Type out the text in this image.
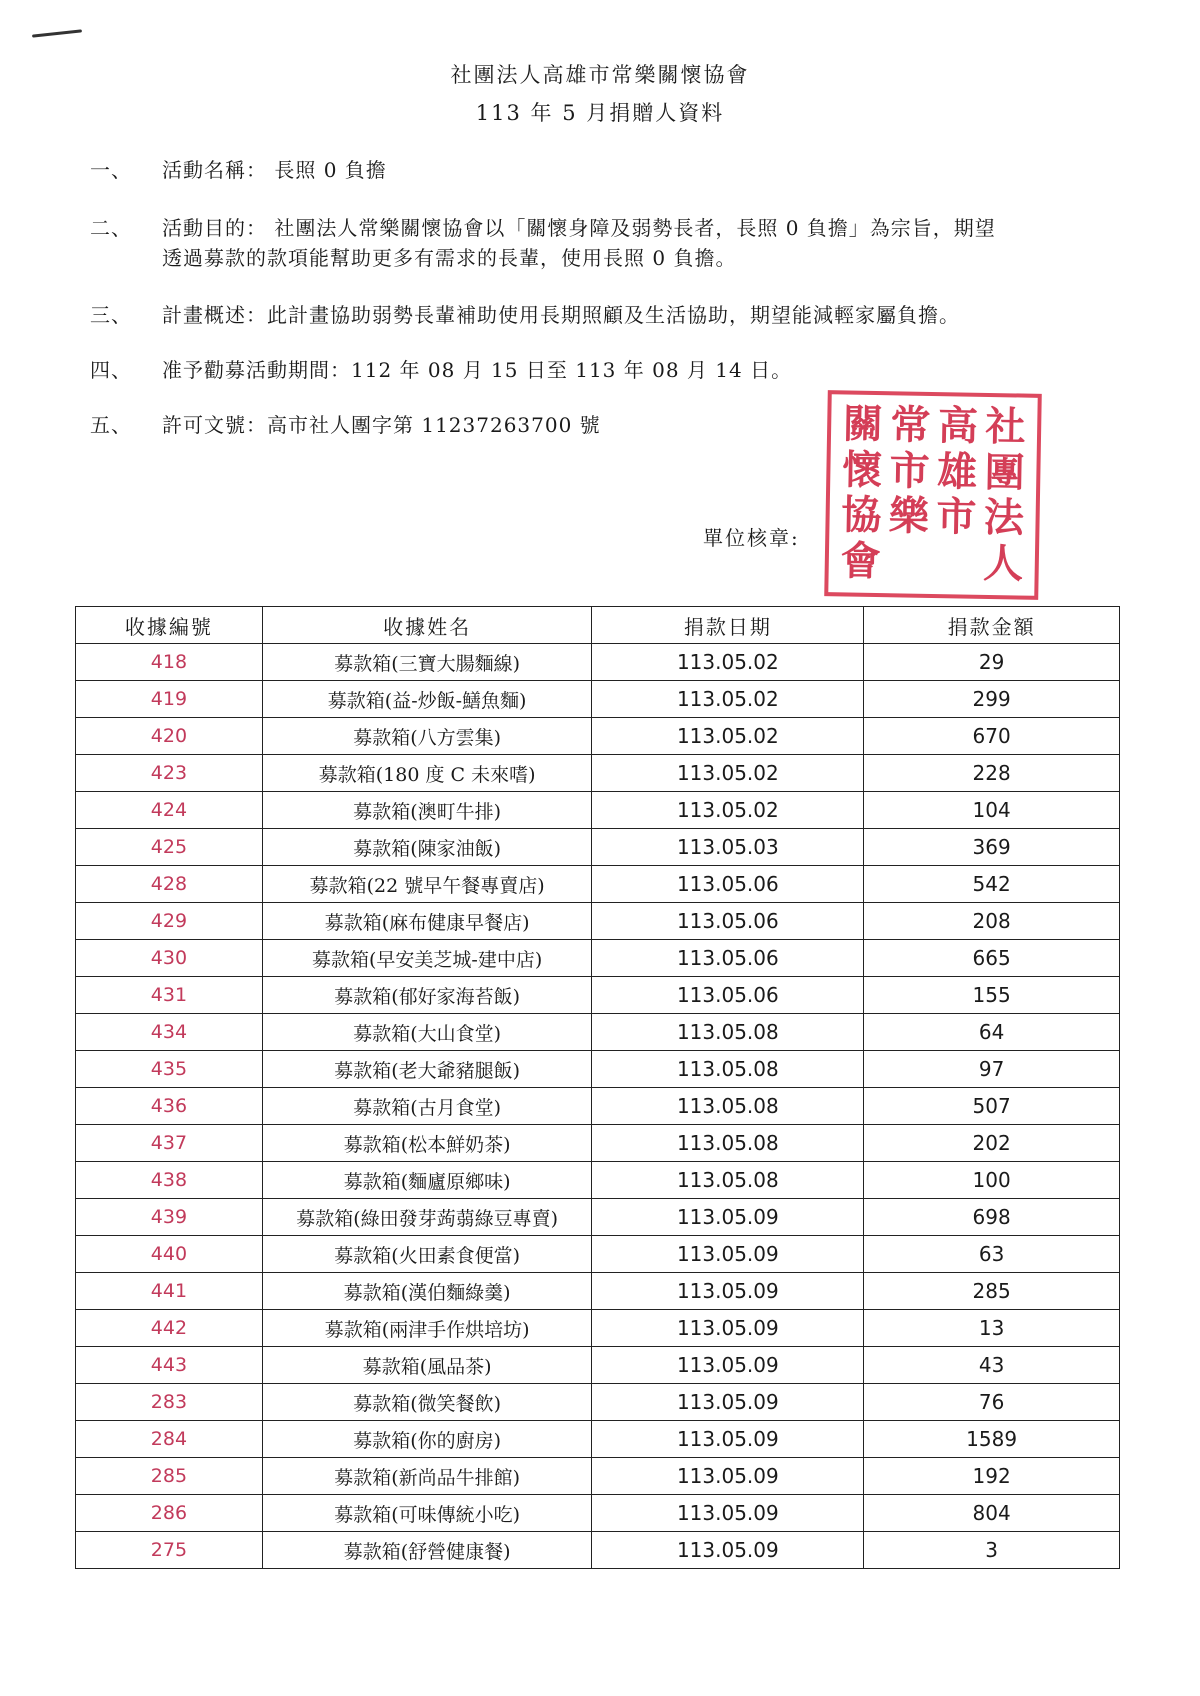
社團法人高雄市常樂關懷協會
113 年 5 月捐贈人資料
一、 活動名稱： 長照 0 負擔
二、 活動目的： 社團法人常樂關懷協會以「關懷身障及弱勢長者，長照 0 負擔」為宗旨，期望
透過募款的款項能幫助更多有需求的長輩，使用長照 0 負擔。
三、 計畫概述：此計畫協助弱勢長輩補助使用長期照顧及生活協助，期望能減輕家屬負擔。
四、 准予勸募活動期間：112 年 08 月 15 日至 113 年 08 月 14 日。
五、 許可文號：高市社人團字第 11237263700 號
單位核章:
關 常 高 社
懷 市 雄 團
協 樂 市 法
會	人
收據編號	收據姓名	捐款日期	捐款金額
418	募款箱(三寶大腸麵線)	113.05.02	29
419	募款箱(益-炒飯-鱔魚麵)	113.05.02	299
420	募款箱(八方雲集)	113.05.02	670
423	募款箱(180 度 C 未來嗜)	113.05.02	228
424	募款箱(澳町牛排)	113.05.02	104
425	募款箱(陳家油飯)	113.05.03	369
428	募款箱(22 號早午餐專賣店)	113.05.06	542
429	募款箱(麻布健康早餐店)	113.05.06	208
430	募款箱(早安美芝城-建中店)	113.05.06	665
431	募款箱(郁好家海苔飯)	113.05.06	155
434	募款箱(大山食堂)	113.05.08	64
435	募款箱(老大爺豬腿飯)	113.05.08	97
436	募款箱(古月食堂)	113.05.08	507
437	募款箱(松本鮮奶茶)	113.05.08	202
438	募款箱(麵廬原鄉味)	113.05.08	100
439	募款箱(綠田發芽蒟蒻綠豆專賣)	113.05.09	698
440	募款箱(火田素食便當)	113.05.09	63
441	募款箱(漢伯麵綠羹)	113.05.09	285
442	募款箱(兩津手作烘培坊)	113.05.09	13
443	募款箱(風品茶)	113.05.09	43
283	募款箱(微笑餐飲)	113.05.09	76
284	募款箱(你的廚房)	113.05.09	1589
285	募款箱(新尚品牛排館)	113.05.09	192
286	募款箱(可味傳統小吃)	113.05.09	804
275	募款箱(舒營健康餐)	113.05.09	3
